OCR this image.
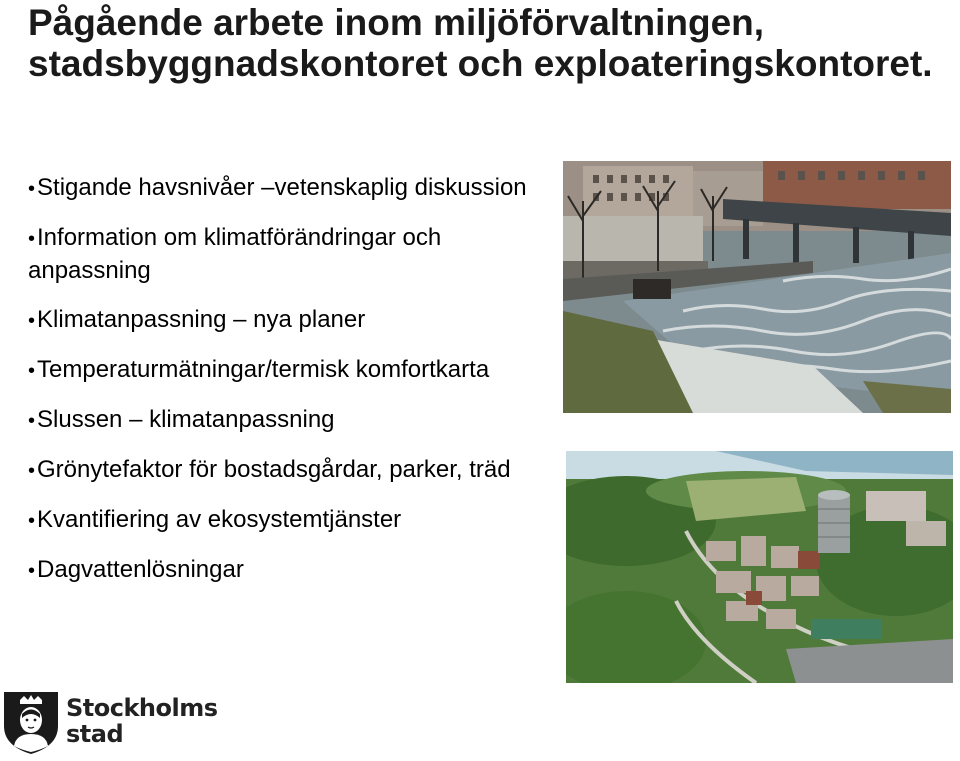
Pågående arbete inom miljöförvaltningen, stadsbyggnadskontoret och exploateringskontoret.
•Stigande havsnivåer –vetenskaplig diskussion
•Information om klimatförändringar och anpassning
•Klimatanpassning – nya planer
•Temperaturmätningar/termisk komfortkarta
•Slussen – klimatanpassning
•Grönytefaktor för bostadsgårdar, parker, träd
•Kvantifiering av ekosystemtjänster
•Dagvattenlösningar
Stockholms
stad
